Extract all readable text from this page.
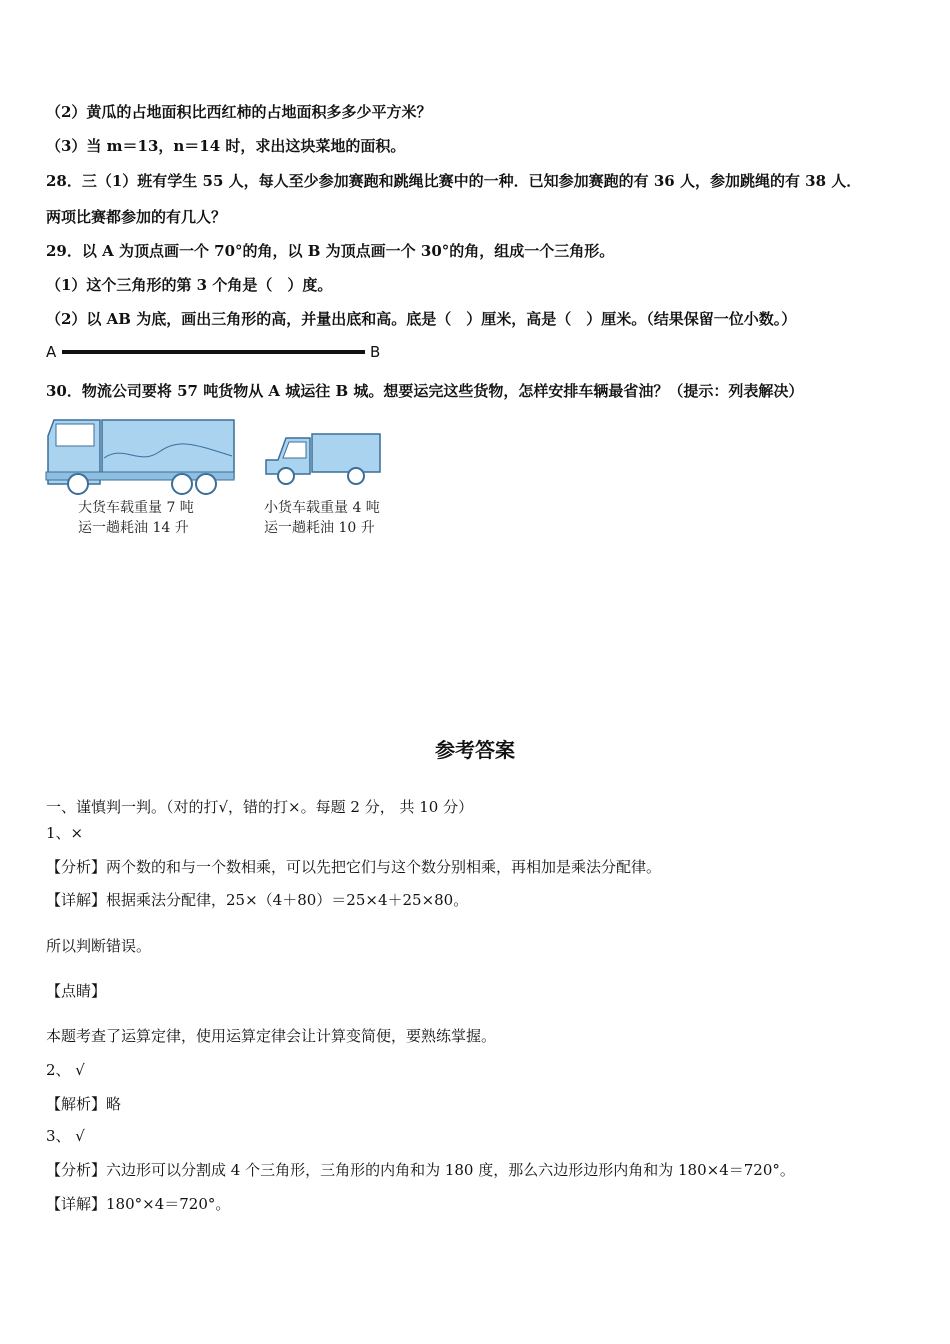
（2）黄瓜的占地面积比西红柿的占地面积多多少平方米？
（3）当 m＝13，n＝14 时，求出这块菜地的面积。
28．三（1）班有学生 55 人，每人至少参加赛跑和跳绳比赛中的一种．已知参加赛跑的有 36 人，参加跳绳的有 38 人．
两项比赛都参加的有几人？
29．以 A 为顶点画一个 70°的角，以 B 为顶点画一个 30°的角，组成一个三角形。
（1）这个三角形的第 3 个角是（　）度。
（2）以 AB 为底，画出三角形的高，并量出底和高。底是（　）厘米，高是（　）厘米。（结果保留一位小数。）
A	B
30．物流公司要将 57 吨货物从 A 城运往 B 城。想要运完这些货物，怎样安排车辆最省油？（提示：列表解决）
大货车载重量 7 吨
运一趟耗油 14 升
小货车载重量 4 吨
运一趟耗油 10 升
参考答案
一、谨慎判一判。（对的打√，错的打×。每题 2 分， 共 10 分）
1、×
【分析】两个数的和与一个数相乘，可以先把它们与这个数分别相乘，再相加是乘法分配律。
【详解】根据乘法分配律，25×（4＋80）＝25×4＋25×80。
所以判断错误。
【点睛】
本题考查了运算定律，使用运算定律会让计算变简便，要熟练掌握。
2、 √
【解析】略
3、 √
【分析】六边形可以分割成 4 个三角形，三角形的内角和为 180 度，那么六边形边形内角和为 180×4＝720°。
【详解】180°×4＝720°。
